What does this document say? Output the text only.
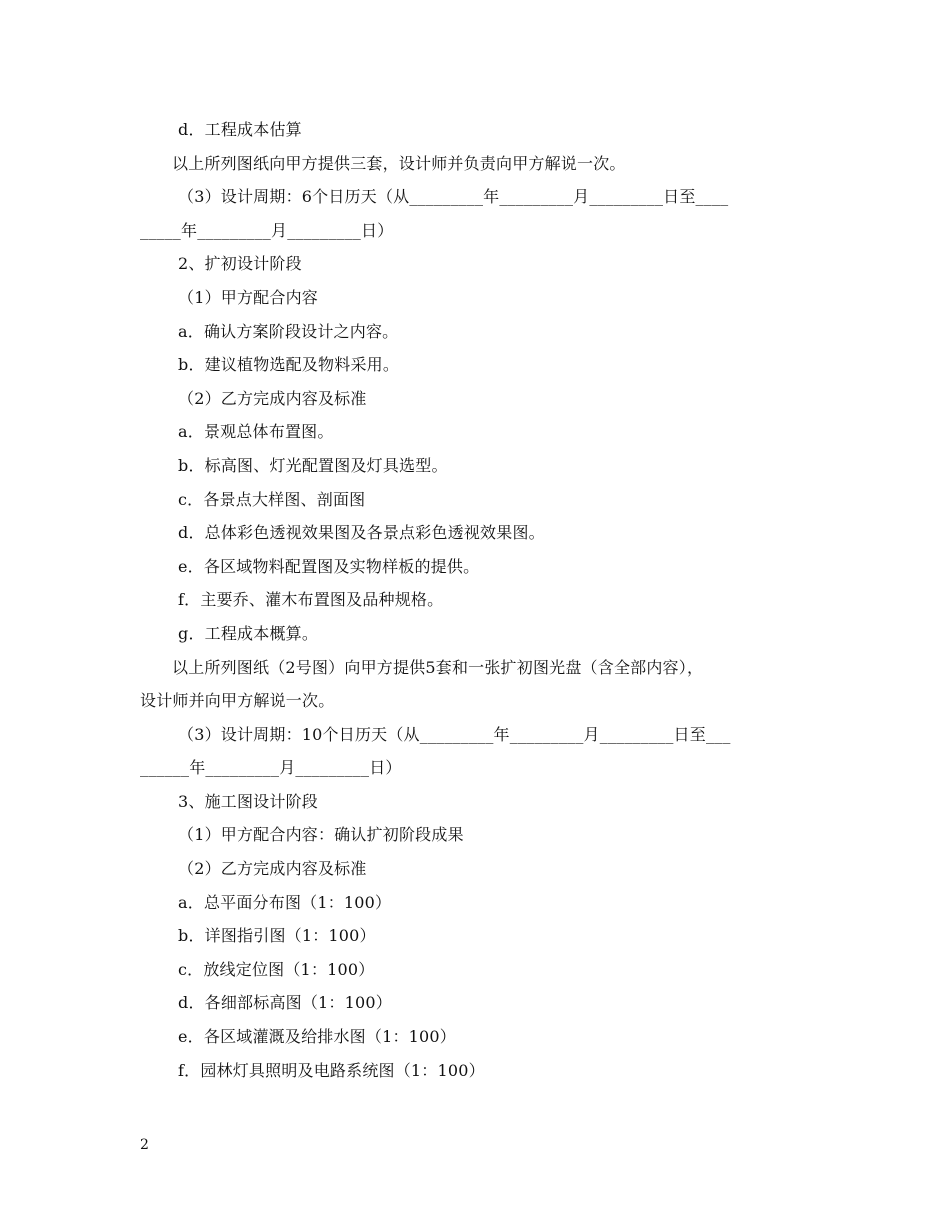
d．工程成本估算
以上所列图纸向甲方提供三套，设计师并负责向甲方解说一次。
（3）设计周期：6个日历天（从_________年_________月_________日至____
_____年_________月_________日）
2、扩初设计阶段
（1）甲方配合内容
a．确认方案阶段设计之内容。
b．建议植物选配及物料采用。
（2）乙方完成内容及标准
a．景观总体布置图。
b．标高图、灯光配置图及灯具选型。
c．各景点大样图、剖面图
d．总体彩色透视效果图及各景点彩色透视效果图。
e．各区域物料配置图及实物样板的提供。
f．主要乔、灌木布置图及品种规格。
g．工程成本概算。
以上所列图纸（2号图）向甲方提供5套和一张扩初图光盘（含全部内容），
设计师并向甲方解说一次。
（3）设计周期：10个日历天（从_________年_________月_________日至___
______年_________月_________日）
3、施工图设计阶段
（1）甲方配合内容：确认扩初阶段成果
（2）乙方完成内容及标准
a．总平面分布图（1：100）
b．详图指引图（1：100）
c．放线定位图（1：100）
d．各细部标高图（1：100）
e．各区域灌溉及给排水图（1：100）
f．园林灯具照明及电路系统图（1：100）
2
